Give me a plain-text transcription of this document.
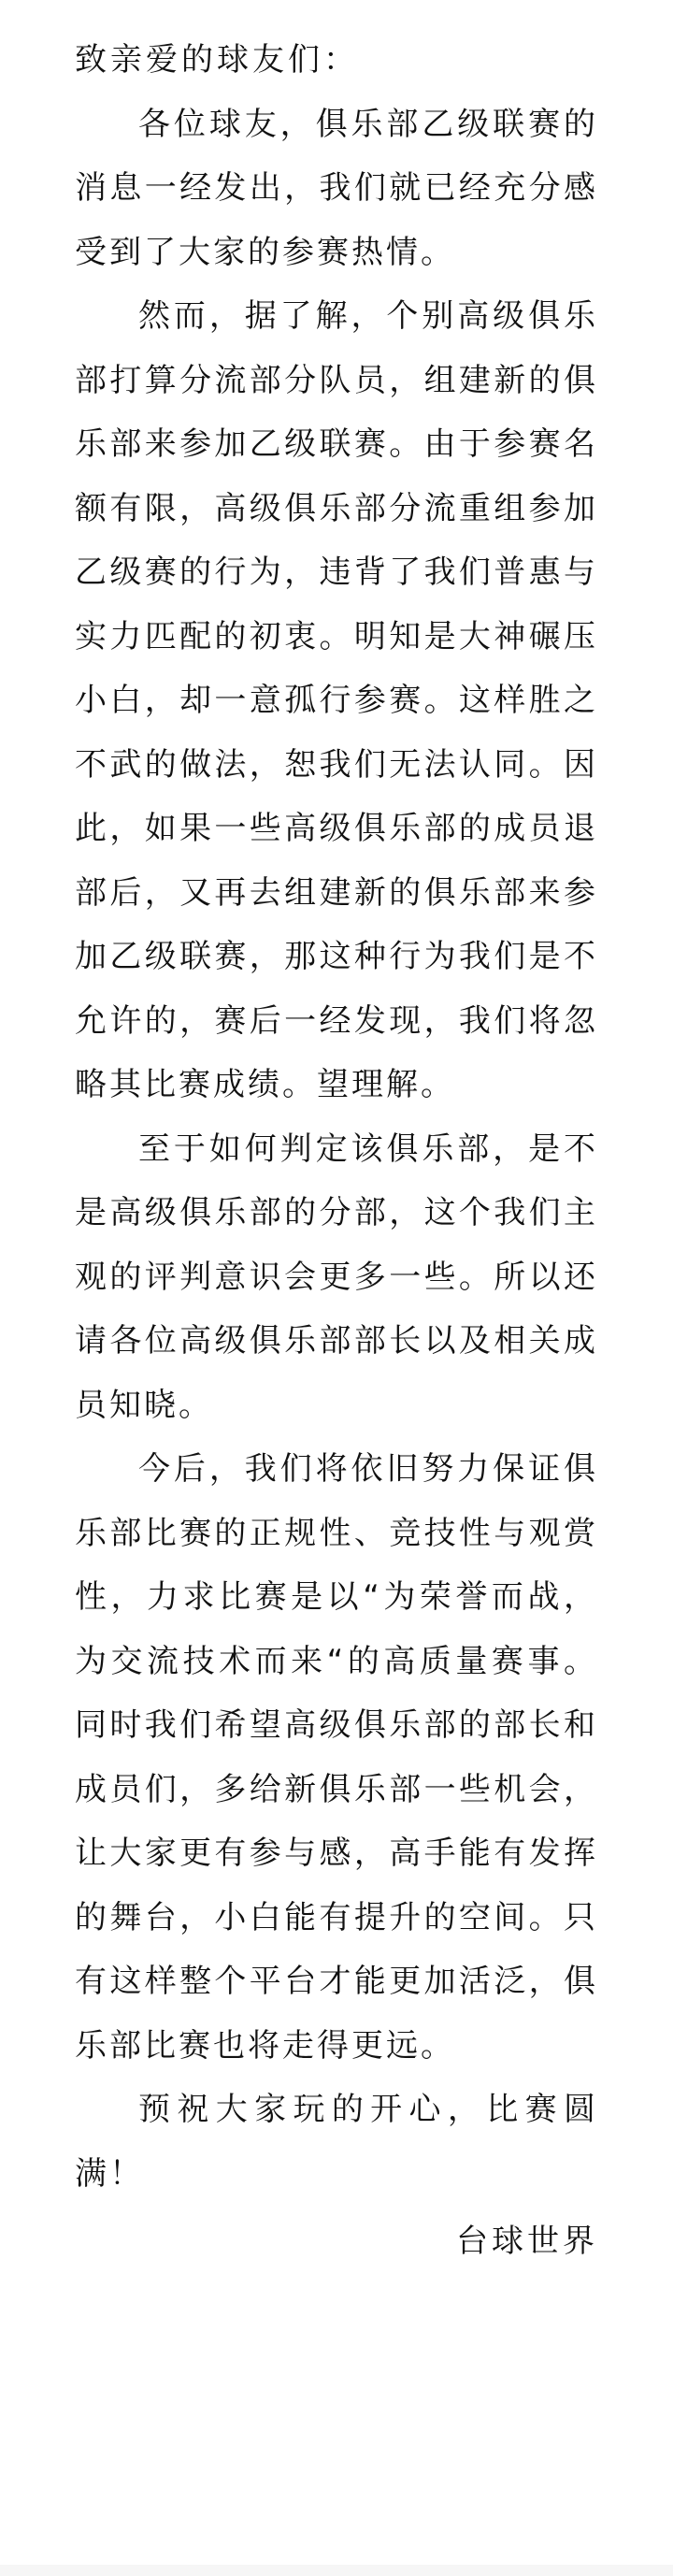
致亲爱的球友们：

各位球友，俱乐部乙级联赛的消息一经发出，我们就已经充分感受到了大家的参赛热情。

然而，据了解，个别高级俱乐部打算分流部分队员，组建新的俱乐部来参加乙级联赛。由于参赛名额有限，高级俱乐部分流重组参加乙级赛的行为，违背了我们普惠与实力匹配的初衷。明知是大神碾压小白，却一意孤行参赛。这样胜之不武的做法，恕我们无法认同。因此，如果一些高级俱乐部的成员退部后，又再去组建新的俱乐部来参加乙级联赛，那这种行为我们是不允许的，赛后一经发现，我们将忽略其比赛成绩。望理解。

至于如何判定该俱乐部，是不是高级俱乐部的分部，这个我们主观的评判意识会更多一些。所以还请各位高级俱乐部部长以及相关成员知晓。

今后，我们将依旧努力保证俱乐部比赛的正规性、竞技性与观赏性，力求比赛是以“为荣誉而战，为交流技术而来“的高质量赛事。同时我们希望高级俱乐部的部长和成员们，多给新俱乐部一些机会，让大家更有参与感，高手能有发挥的舞台，小白能有提升的空间。只有这样整个平台才能更加活泛，俱乐部比赛也将走得更远。

预祝大家玩的开心，比赛圆满！

台球世界
